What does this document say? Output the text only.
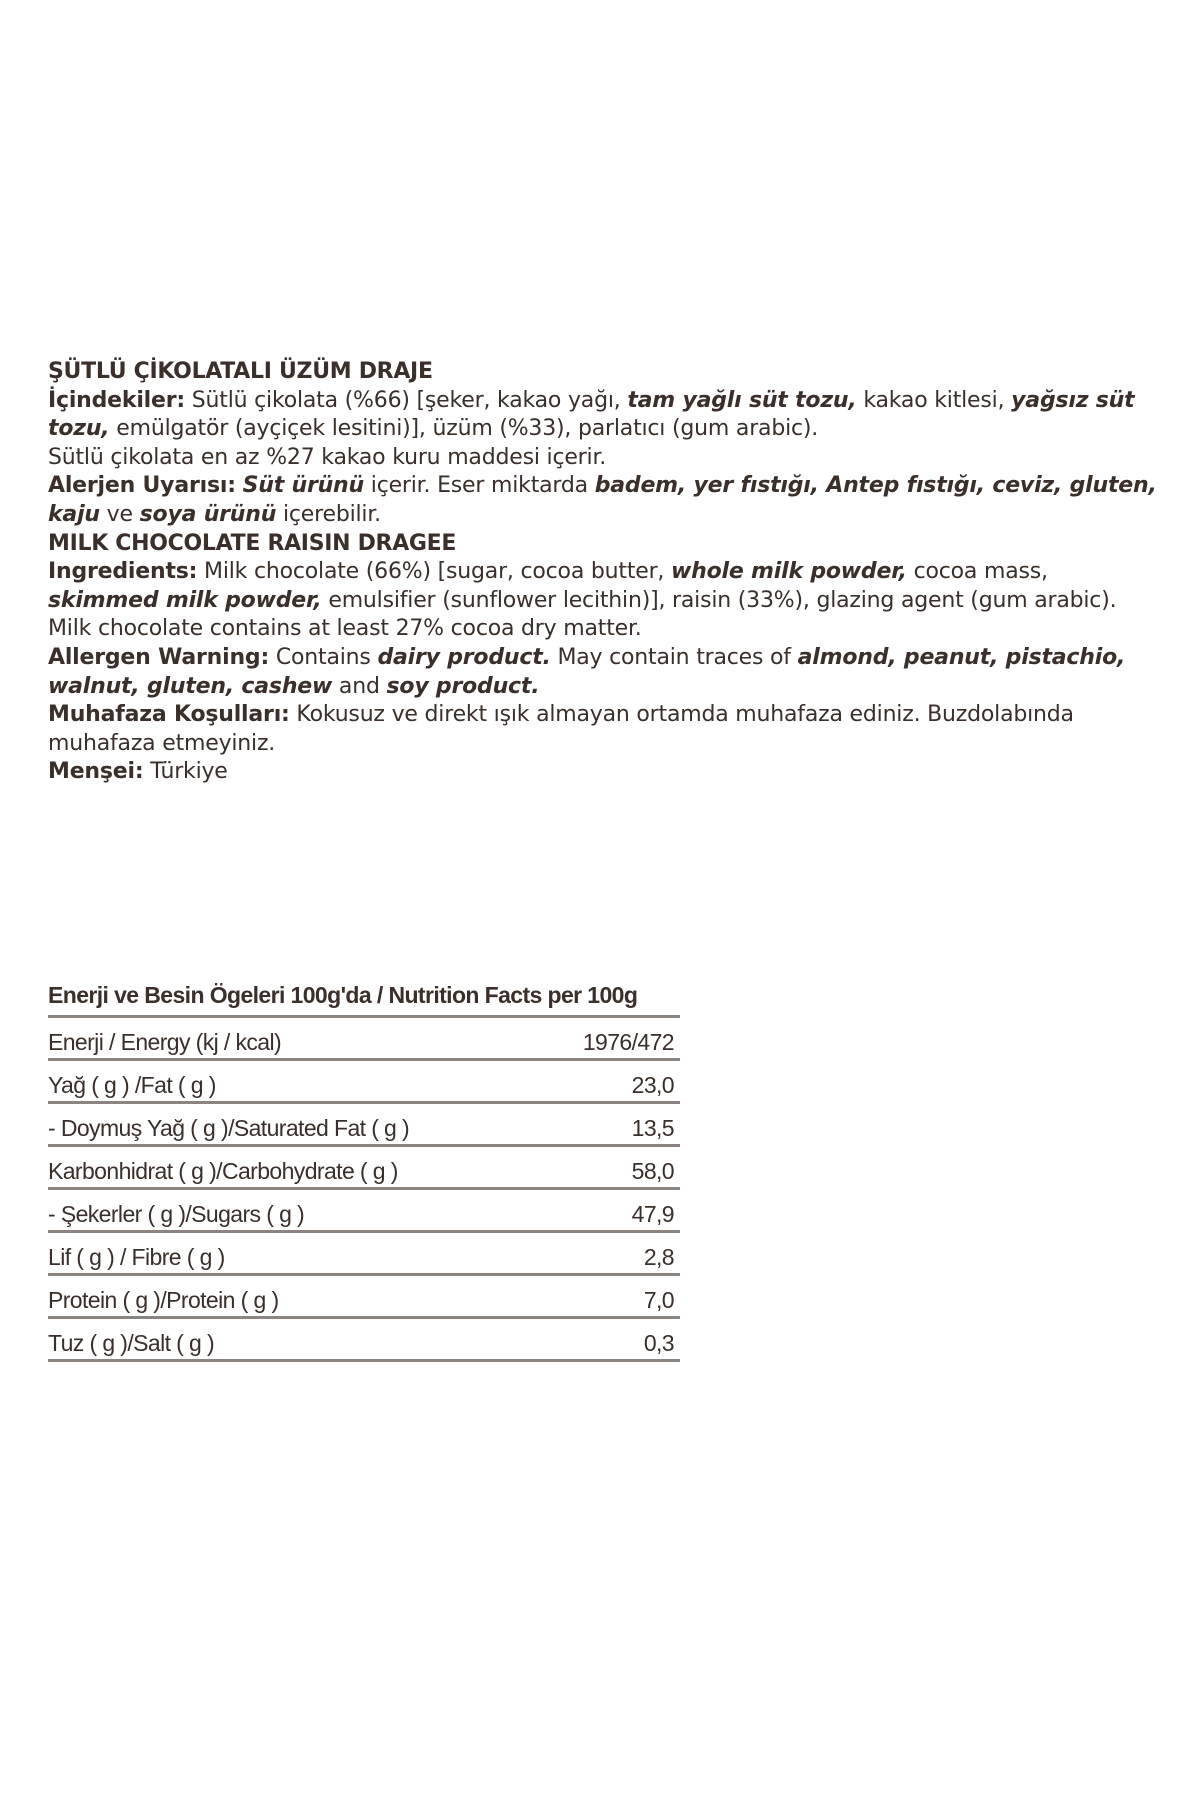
ŞÜTLÜ ÇİKOLATALI ÜZÜM DRAJE

İçindekiler: Sütlü çikolata (%66) [şeker, kakao yağı, tam yağlı süt tozu, kakao kitlesi, yağsız süt tozu, emülgatör (ayçiçek lesitini)], üzüm (%33), parlatıcı (gum arabic).

Sütlü çikolata en az %27 kakao kuru maddesi içerir.

Alerjen Uyarısı: Süt ürünü içerir. Eser miktarda badem, yer fıstığı, Antep fıstığı, ceviz, gluten, kaju ve soya ürünü içerebilir.

MILK CHOCOLATE RAISIN DRAGEE

Ingredients: Milk chocolate (66%) [sugar, cocoa butter, whole milk powder, cocoa mass, skimmed milk powder, emulsifier (sunflower lecithin)], raisin (33%), glazing agent (gum arabic).

Milk chocolate contains at least 27% cocoa dry matter.

Allergen Warning: Contains dairy product. May contain traces of almond, peanut, pistachio, walnut, gluten, cashew and soy product.

Muhafaza Koşulları: Kokusuz ve direkt ışık almayan ortamda muhafaza ediniz. Buzdolabında muhafaza etmeyiniz.

Menşei: Türkiye

Enerji ve Besin Ögeleri 100g'da / Nutrition Facts per 100g
Enerji / Energy (kj / kcal)	1976/472
Yağ ( g ) /Fat ( g )	23,0
- Doymuş Yağ ( g )/Saturated Fat ( g )	13,5
Karbonhidrat ( g )/Carbohydrate ( g )	58,0
- Şekerler ( g )/Sugars ( g )	47,9
Lif ( g ) / Fibre ( g )	2,8
Protein ( g )/Protein ( g )	7,0
Tuz ( g )/Salt ( g )	0,3
